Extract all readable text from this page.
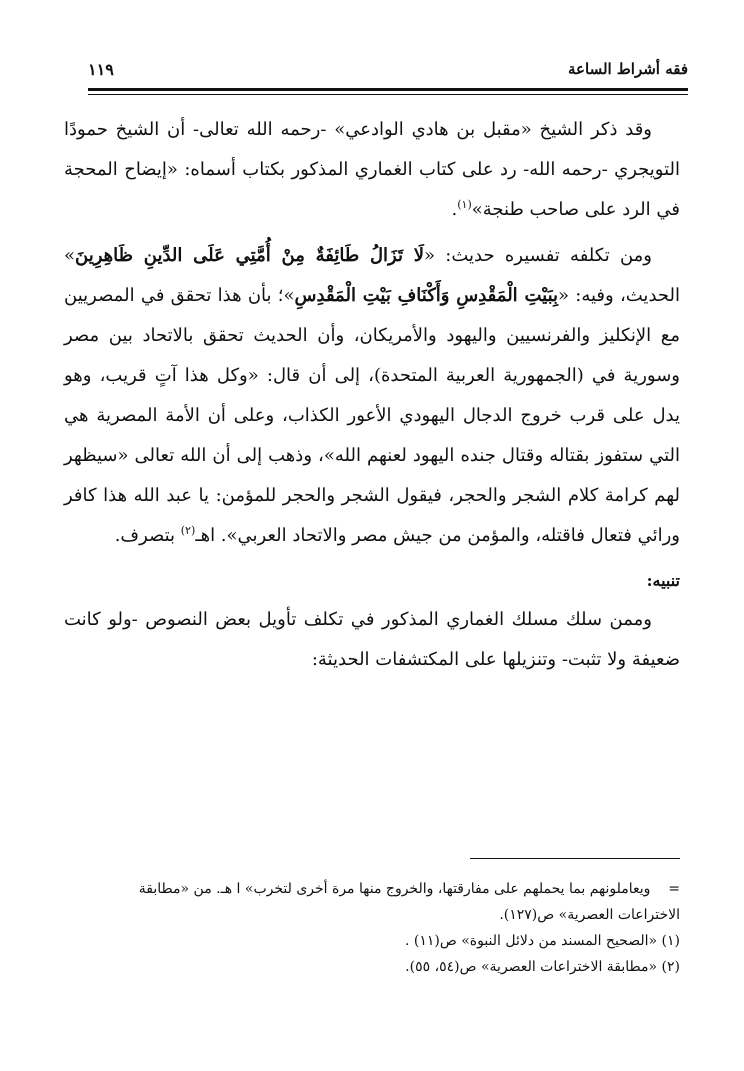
فقه أشراط الساعة
١١٩

وقد ذكر الشيخ «مقبل بن هادي الوادعي» -رحمه الله تعالى- أن الشيخ حمودًا التويجري -رحمه الله- رد على كتاب الغماري المذكور بكتاب أسماه: «إيضاح المحجة في الرد على صاحب طنجة»$^{(١)}$.

ومن تكلفه تفسيره حديث: «لَا تَزَالُ طَائِفَةٌ مِنْ أُمَّتِي عَلَى الدِّينِ ظَاهِرِينَ» الحديث، وفيه: «بِبَيْتِ الْمَقْدِسِ وَأَكْنَافِ بَيْتِ الْمَقْدِسِ»؛ بأن هذا تحقق في المصريين مع الإنكليز والفرنسيين واليهود والأمريكان، وأن الحديث تحقق بالاتحاد بين مصر وسورية في (الجمهورية العربية المتحدة)، إلى أن قال: «وكل هذا آتٍ قريب، وهو يدل على قرب خروج الدجال اليهودي الأعور الكذاب، وعلى أن الأمة المصرية هي التي ستفوز بقتاله وقتال جنده اليهود لعنهم الله»، وذهب إلى أن الله تعالى «سيظهر لهم كرامة كلام الشجر والحجر، فيقول الشجر والحجر للمؤمن: يا عبد الله هذا كافر ورائي فتعال فاقتله، والمؤمن من جيش مصر والاتحاد العربي». اهـ$^{(٢)}$ بتصرف.

تنبيه:

وممن سلك مسلك الغماري المذكور في تكلف تأويل بعض النصوص -ولو كانت ضعيفة ولا تثبت- وتنزيلها على المكتشفات الحديثة:

=    ويعاملونهم بما يحملهم على مفارقتها، والخروج منها مرة أخرى لتخرب» ا هـ. من «مطابقة الاختراعات العصرية» ص(١٢٧).

(١) «الصحيح المسند من دلائل النبوة» ص(١١) .

(٢) «مطابقة الاختراعات العصرية» ص(٥٤، ٥٥).
